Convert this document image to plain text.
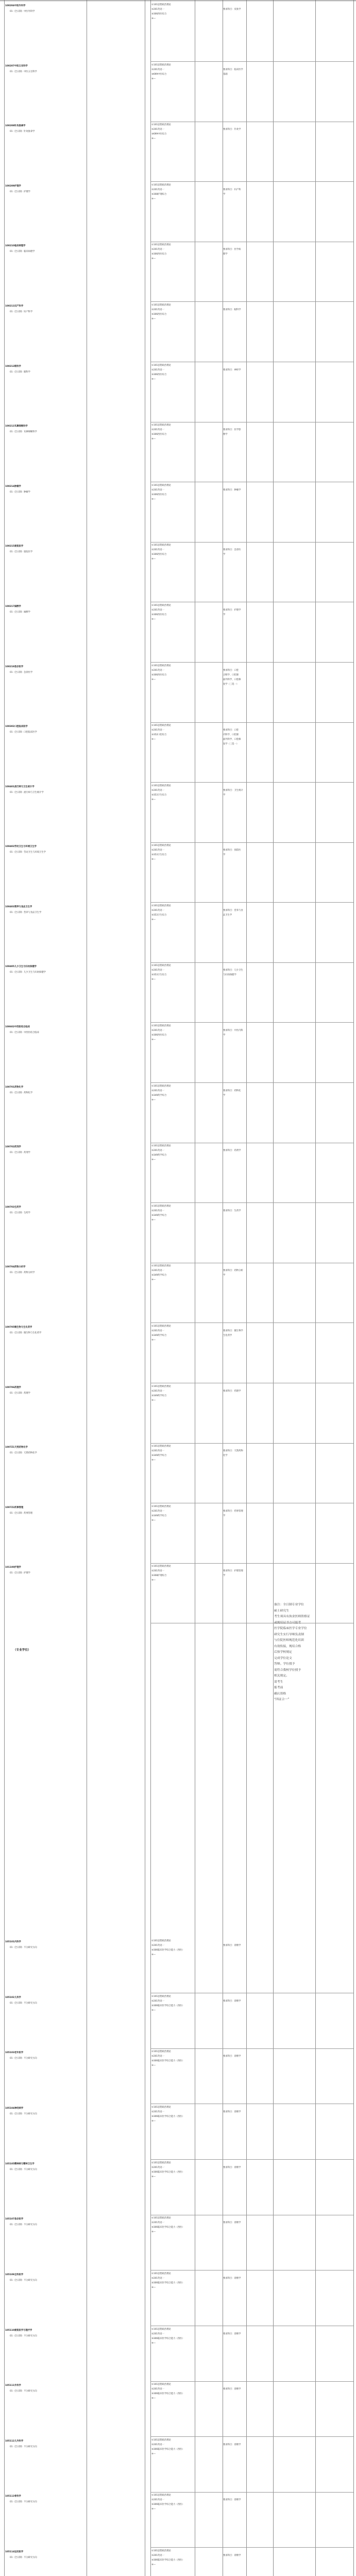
100204中医外科学
01（全日制）中医外科学
①101思想政治理论
②201英语一
③306西医综合
④—
要求科目：皮肤学
100207中医五官科学
01（全日制）中医五官科学
①101思想政治理论
②201英语一
③699中医综合
④—
要求科目：临床医学
基础
100208针灸推拿学
01（全日制）针灸推拿学
①101思想政治理论
②201英语一
③699中医综合
④—
要求科目：针灸学
100209护理学
01（全日制）护理学
①101思想政治理论
②201英语一
③308护理综合
④—
要求科目：妇产科
学
100210临床病理学
01（全日制）临床病理学
①101思想政治理论
②201英语一
③306西医综合
④—
要求科目：医学病
理学
100211妇产科学
01（全日制）妇产科学
①101思想政治理论
②201英语一
③306西医综合
④—
要求科目：眼科学
100212眼科学
01（全日制）眼科学
①101思想政治理论
②201英语一
③306西医综合
④—
要求科目：神经学
100213耳鼻咽喉科学
01（全日制）耳鼻咽喉科学
①101思想政治理论
②201英语一
③306西医综合
④—
要求科目：医学影
像学
100214肿瘤学
01（全日制）肿瘤学
①101思想政治理论
②201英语一
③306西医综合
④—
要求科目：肿瘤学
100215康复医学
01（全日制）康复医学
①101思想政治理论
②201英语一
③306西医综合
④—
要求科目：急诊医
学
100217麻醉学
01（全日制）麻醉学
①101思想政治理论
②201英语一
③306西医综合
④—
要求科目：护理学
学
100218急诊医学
01（全日制）急诊医学
①101思想政治理论
②201英语一
③306西医综合
④—
要求科目：口腔
正畸学、口腔颌
面外科学、口腔修
复学（三选一）
100302口腔临床医学
01（全日制）口腔临床医学
①101思想政治理论
②201英语一
③352口腔综合
④—
要求科目：口腔
内科学、口腔颌
面外科学、口腔修
复学（三选一）
100401流行病与卫生统计学
01（全日制）流行病与卫生统计学
①101思想政治理论
②201英语一
③353卫生综合
④—
要求科目：卫生统计
学
100402劳动卫生与环境卫生学
01（全日制）劳动卫生与环境卫生学
①101思想政治理论
②201英语一
③353卫生综合
④—
要求科目：预防医
学
100403营养与食品卫生学
01（全日制）营养与食品卫生学
①101思想政治理论
②201英语一
③353卫生综合
④—
要求科目：营养与食
品卫生学
100405儿少卫生与妇幼保健学
01（全日制）儿少卫生与妇幼保健学
①101思想政治理论
②201英语一
③353卫生综合
④—
要求科目：儿少卫生
与妇幼保健学
100602中西医结合临床
01（全日制）中西医结合临床
①101思想政治理论
②201英语一
③306西医综合
④—
要求科目：中医内科
学
100701药物化学
01（全日制）药物化学
①101思想政治理论
②201英语一
③349药学综合
④—
要求科目：药物化
学
100702药剂学
01（全日制）药剂学
①101思想政治理论
②201英语一
③349药学综合
④—
要求科目：药剂学
100703生药学
01（全日制）生药学
①101思想政治理论
②201英语一
③349药学综合
④—
要求科目：生药学
100704药物分析学
01（全日制）药物分析学
①101思想政治理论
②201英语一
③349药学综合
④—
要求科目：药物分析
学
100705微生物与生化药学
01（全日制）微生物与生化药学
①101思想政治理论
②201英语一
③349药学综合
④—
要求科目：微生物学
生化药学
100706药理学
01（全日制）药理学
①101思想政治理论
②201英语一
③349药学综合
④—
要求科目：药理学
1007Z1天然药物化学
01（全日制）天然药物化学
①101思想政治理论
②201英语一
③349药学综合
④—
要求科目：天然药物
化学
1007Z2药事管理
01（全日制）药事管理
①101思想政治理论
②201英语一
③349药学综合
④—
要求科目：药事管理
学
101100护理学
01（全日制）护理学
①101思想政治理论
②201英语一
③308护理综合
④—
要求科目：护理管理
学
105101内科学
01（全日制）不分研究方向
①101思想政治理论
②201英语一
③306临床医学综合能力（西医）
④—
要求科目：诊断学
105102儿科学
01（全日制）不分研究方向
①101思想政治理论
②201英语一
③306临床医学综合能力（西医）
④—
要求科目：诊断学
105103老年医学
01（全日制）不分研究方向
①101思想政治理论
②201英语一
③306临床医学综合能力（西医）
④—
要求科目：诊断学
105104神经病学
01（全日制）不分研究方向
①101思想政治理论
②201英语一
③306临床医学综合能力（西医）
④—
要求科目：诊断学
105105精神病与精神卫生学
01（全日制）不分研究方向
①101思想政治理论
②201英语一
③306临床医学综合能力（西医）
④—
要求科目：诊断学
105107急诊医学
01（全日制）不分研究方向
①101思想政治理论
②201英语一
③306临床医学综合能力（西医）
④—
要求科目：诊断学
105109全科医学
01（全日制）不分研究方向
①101思想政治理论
②201英语一
③306临床医学综合能力（西医）
④—
要求科目：诊断学
105110康复医学与理疗学
01（全日制）不分研究方向
①101思想政治理论
②201英语一
③306临床医学综合能力（西医）
④—
要求科目：诊断学
105111外科学
01（全日制）不分研究方向
①101思想政治理论
②201英语一
③306临床医学综合能力（西医）
④—
要求科目：诊断学
105112儿外科学
01（全日制）不分研究方向
①101思想政治理论
②201英语一
③306临床医学综合能力（西医）
④—
要求科目：诊断学
105113骨科学
01（全日制）不分研究方向
①101思想政治理论
②201英语一
③306临床医学综合能力（西医）
④—
要求科目：诊断学
105114运动医学
01（全日制）不分研究方向
①101思想政治理论
②201英语一
③306临床医学综合能力（西医）
④—
要求科目：诊断学
（专业学位）
备注：全日制专业学位
硕士研究生
考生须具有执业医师资格证
或规培证书方可报考
医学院临床医学专业学位
研究生实行导师负责制
与住院医师规范化培训
有效衔接，规培合格
后按学校规定
完成学位论文
答辩。学位授予
需符合我校学位授予
相关规定。
请考生
报考前
确认资格
“四证合一”
